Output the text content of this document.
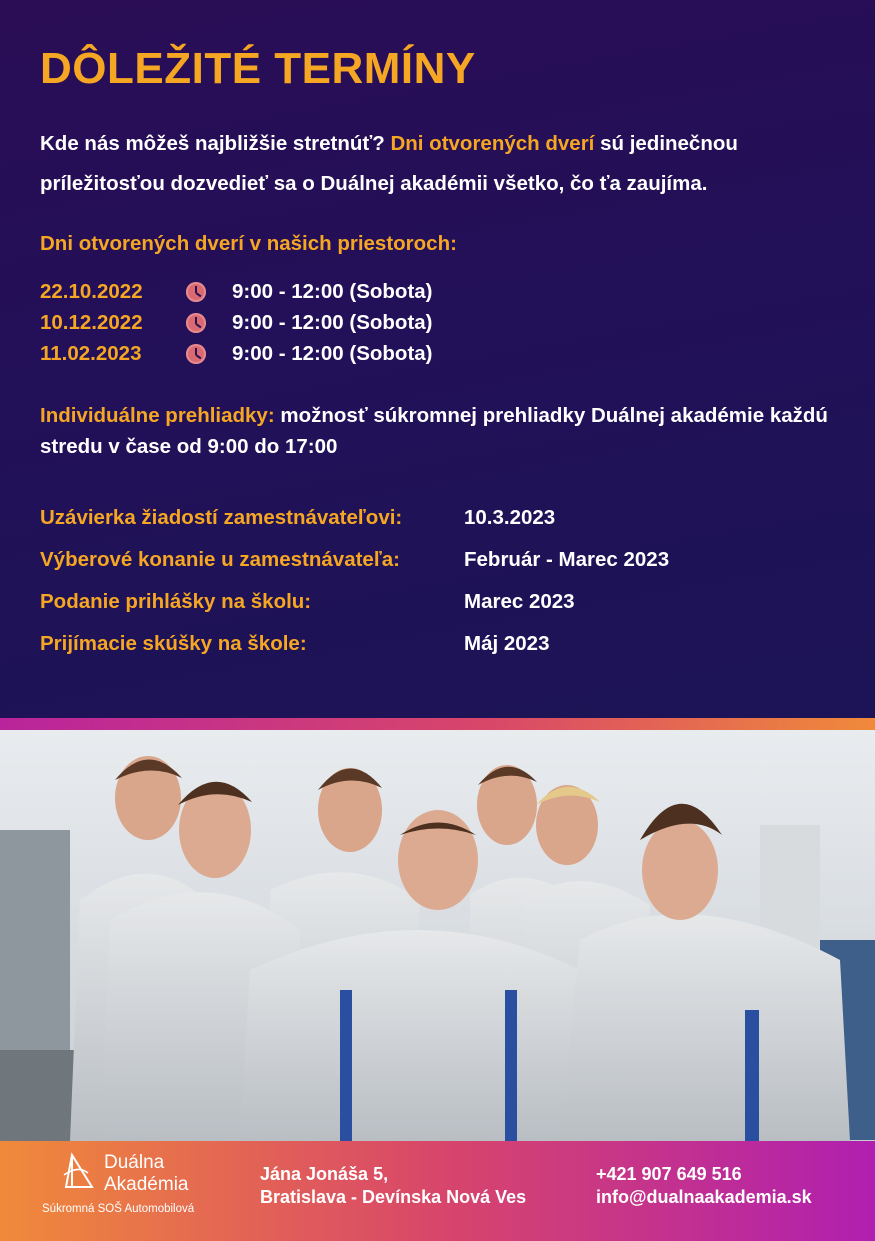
DÔLEŽITÉ TERMÍNY
Kde nás môžeš najbližšie stretnúť? Dni otvorených dverí sú jedinečnou príležitosťou dozvedieť sa o Duálnej akadémii všetko, čo ťa zaujíma.
Dni otvorených dverí v našich priestoroch:
22.10.2022	9:00 - 12:00 (Sobota)
10.12.2022	9:00 - 12:00 (Sobota)
11.02.2023	9:00 - 12:00 (Sobota)
Individuálne prehliadky: možnosť súkromnej prehliadky Duálnej akadémie každú stredu v čase od 9:00 do 17:00
Uzávierka žiadostí zamestnávateľovi:	10.3.2023
Výberové konanie u zamestnávateľa:	Február - Marec 2023
Podanie prihlášky na školu:	Marec 2023
Prijímacie skúšky na škole:	Máj 2023
Duálna
Akadémia
Súkromná SOŠ Automobilová
Jána Jonáša 5,
Bratislava - Devínska Nová Ves
+421 907 649 516
info@dualnaakademia.sk
